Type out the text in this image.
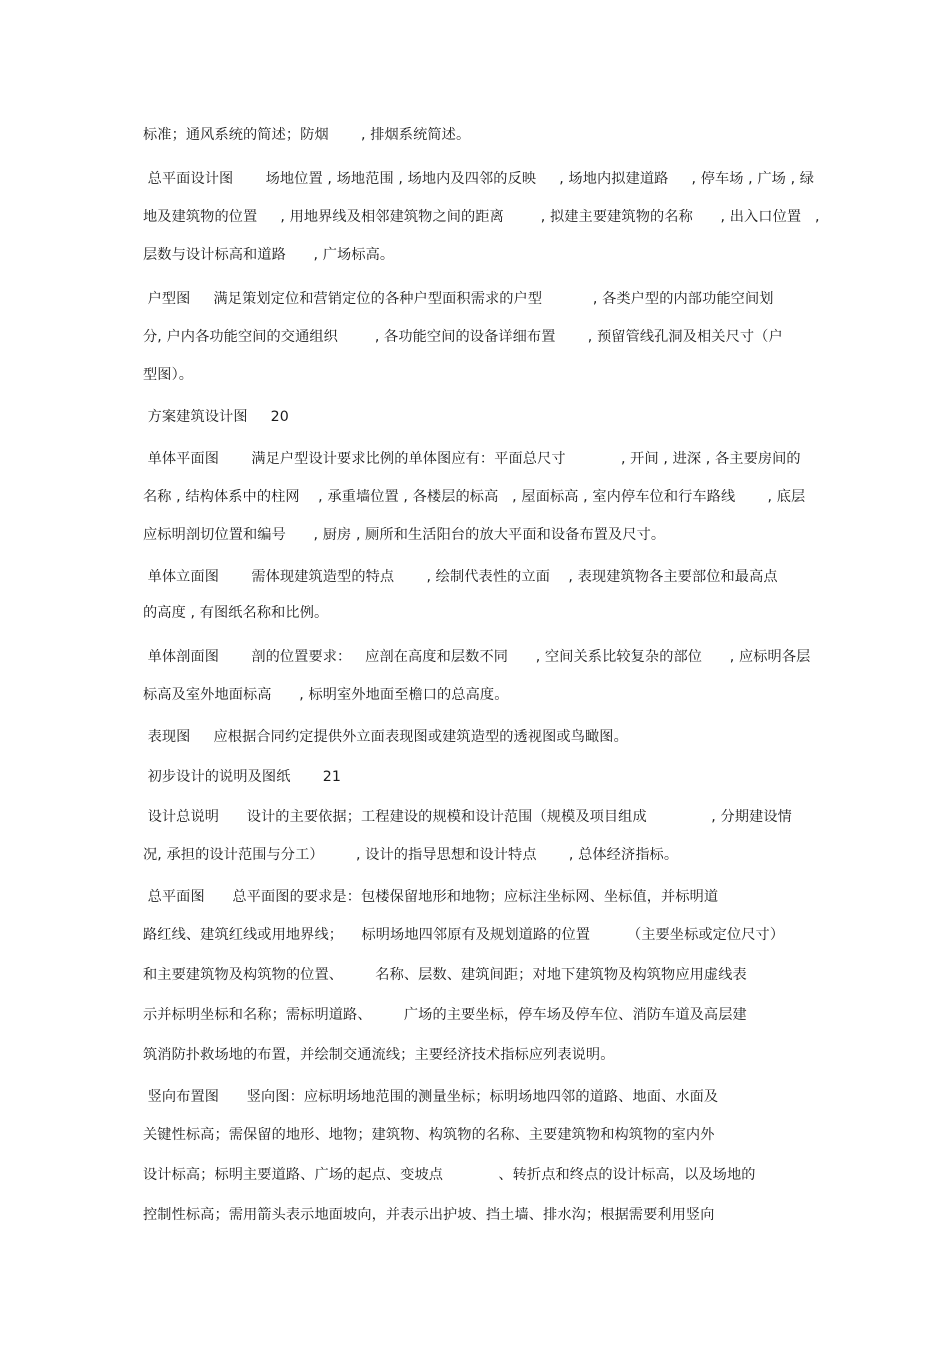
标准；通风系统的简述；防烟       , 排烟系统简述。
总平面设计图       场地位置 , 场地范围 , 场地内及四邻的反映     , 场地内拟建道路     , 停车场 , 广场 , 绿
地及建筑物的位置     , 用地界线及相邻建筑物之间的距离        , 拟建主要建筑物的名称      , 出入口位置   ,
层数与设计标高和道路      , 广场标高。
户型图     满足策划定位和营销定位的各种户型面积需求的户型           , 各类户型的内部功能空间划
分, 户内各功能空间的交通组织        , 各功能空间的设备详细布置       , 预留管线孔洞及相关尺寸（户
型图）。
方案建筑设计图     20
单体平面图       满足户型设计要求比例的单体图应有：平面总尺寸            , 开间 , 进深 , 各主要房间的
名称 , 结构体系中的柱网    , 承重墙位置 , 各楼层的标高   , 屋面标高 , 室内停车位和行车路线       , 底层
应标明剖切位置和编号      , 厨房 , 厕所和生活阳台的放大平面和设备布置及尺寸。
单体立面图       需体现建筑造型的特点       , 绘制代表性的立面    , 表现建筑物各主要部位和最高点
的高度 , 有图纸名称和比例。
单体剖面图       剖的位置要求：   应剖在高度和层数不同      , 空间关系比较复杂的部位      , 应标明各层
标高及室外地面标高      , 标明室外地面至檐口的总高度。
表现图     应根据合同约定提供外立面表现图或建筑造型的透视图或鸟瞰图。
初步设计的说明及图纸       21
设计总说明      设计的主要依据；工程建设的规模和设计范围（规模及项目组成              , 分期建设情
况, 承担的设计范围与分工）       , 设计的指导思想和设计特点       , 总体经济指标。
总平面图      总平面图的要求是：包楼保留地形和地物；应标注坐标网、坐标值，并标明道
路红线、建筑红线或用地界线；    标明场地四邻原有及规划道路的位置        （主要坐标或定位尺寸）
和主要建筑物及构筑物的位置、       名称、层数、建筑间距；对地下建筑物及构筑物应用虚线表
示并标明坐标和名称；需标明道路、       广场的主要坐标，停车场及停车位、消防车道及高层建
筑消防扑救场地的布置，并绘制交通流线；主要经济技术指标应列表说明。
竖向布置图      竖向图：应标明场地范围的测量坐标；标明场地四邻的道路、地面、水面及
关键性标高；需保留的地形、地物；建筑物、构筑物的名称、主要建筑物和构筑物的室内外
设计标高；标明主要道路、广场的起点、变坡点            、转折点和终点的设计标高，以及场地的
控制性标高；需用箭头表示地面坡向，并表示出护坡、挡土墙、排水沟；根据需要利用竖向
